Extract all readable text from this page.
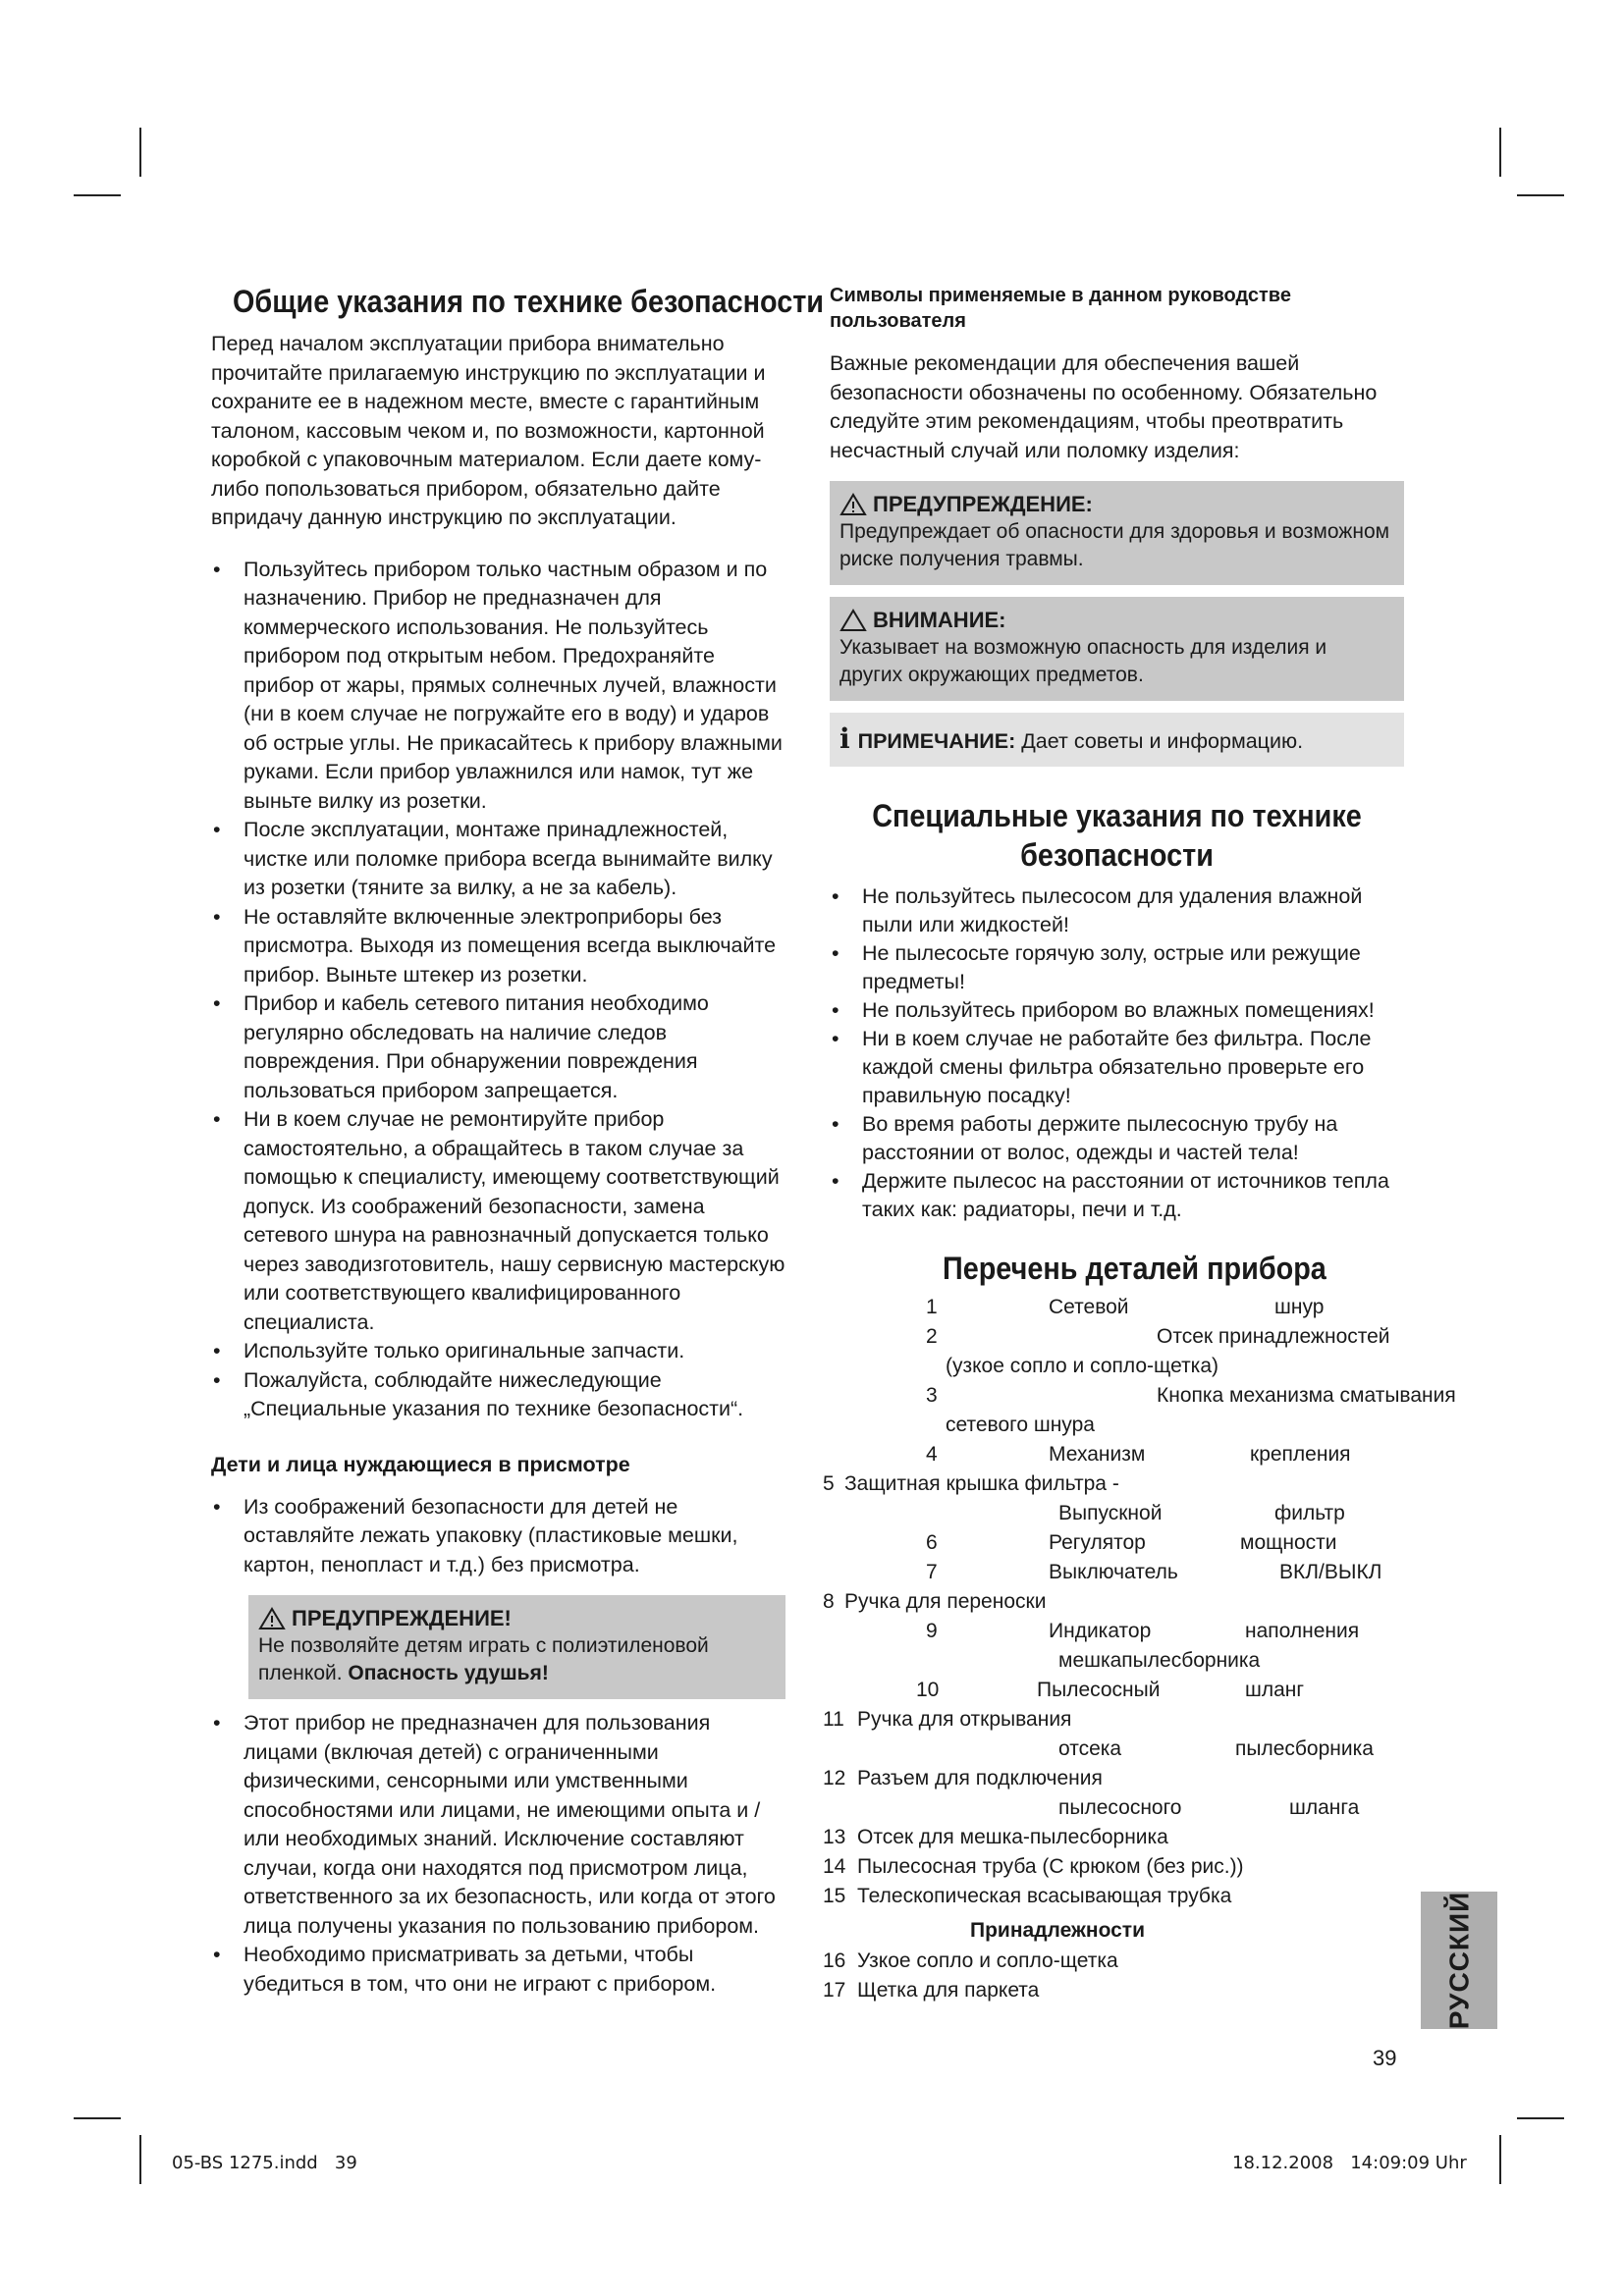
Общие указания по технике безопасности

Перед началом эксплуатации прибора внимательно прочитайте прилагаемую инструкцию по эксплуатации и сохраните ее в надежном месте, вместе с гарантийным талоном, кассовым чеком и, по возможности, картонной коробкой с упаковочным материалом. Если даете кому-либо попользоваться прибором, обязательно дайте впридачу данную инструкцию по эксплуатации.

• Пользуйтесь прибором только частным образом и по назначению. Прибор не предназначен для коммерческого использования. Не пользуйтесь прибором под открытым небом. Предохраняйте прибор от жары, прямых солнечных лучей, влажности (ни в коем случае не погружайте его в воду) и ударов об острые углы. Не прикасайтесь к прибору влажными руками. Если прибор увлажнился или намок, тут же выньте вилку из розетки.
• После эксплуатации, монтаже принадлежностей, чистке или поломке прибора всегда вынимайте вилку из розетки (тяните за вилку, а не за кабель).
• Не оставляйте включенные электроприборы без присмотра. Выходя из помещения всегда выключайте прибор. Выньте штекер из розетки.
• Прибор и кабель сетевого питания необходимо регулярно обследовать на наличие следов повреждения. При обнаружении повреждения пользоваться прибором запрещается.
• Ни в коем случае не ремонтируйте прибор самостоятельно, а обращайтесь в таком случае за помощью к специалисту, имеющему соответствующий допуск. Из соображений безопасности, замена сетевого шнура на равнозначный допускается только через заводизготовитель, нашу сервисную мастерскую или соответствующего квалифицированного специалиста.
• Используйте только оригинальные запчасти.
• Пожалуйста, соблюдайте нижеследующие „Специальные указания по технике безопасности“.
Дети и лица нуждающиеся в присмотре
• Из соображений безопасности для детей не оставляйте лежать упаковку (пластиковые мешки, картон, пенопласт и т.д.) без присмотра.
ПРЕДУПРЕЖДЕНИЕ!
Не позволяйте детям играть с полиэтиленовой пленкой. Опасность удушья!
• Этот прибор не предназначен для пользования лицами (включая детей) с ограниченными физическими, сенсорными или умственными способностями или лицами, не имеющими опыта и /или необходимых знаний. Исключение составляют случаи, когда они находятся под присмотром лица, ответственного за их безопасность, или когда от этого лица получены указания по пользованию прибором.
• Необходимо присматривать за детьми, чтобы убедиться в том, что они не играют с прибором.
Символы применяемые в данном руководстве пользователя

Важные рекомендации для обеспечения вашей безопасности обозначены по особенному. Обязательно следуйте этим рекомендациям, чтобы преотвратить несчастный случай или поломку изделия:

ПРЕДУПРЕЖДЕНИЕ:
Предупреждает об опасности для здоровья и возможном риске получения травмы.
ВНИМАНИЕ:
Указывает на возможную опасность для изделия и других окружающих предметов.
i ПРИМЕЧАНИЕ:
Дает советы и информацию.
Специальные указания по технике безопасности
• Не пользуйтесь пылесосом для удаления влажной пыли или жидкостей!
• Не пылесосьте горячую золу, острые или режущие предметы!
• Не пользуйтесь прибором во влажных помещениях!
• Ни в коем случае не работайте без фильтра. После каждой смены фильтра обязательно проверьте его правильную посадку!
• Во время работы держите пылесосную трубу на расстоянии от волос, одежды и частей тела!
• Держите пылесос на расстоянии от источников тепла таких как: радиаторы, печи и т.д.
Перечень деталей прибора
1	Сетевой	шнур
2	Отсек принадлежностей
(узкое сопло и сопло-щетка)
3	Кнопка механизма сматывания
сетевого шнура
4	Механизм	крепления
5 Защитная крышка фильтра -
Выпускной	фильтр
6	Регулятор	мощности
7	Выключатель	ВКЛ/ВЫКЛ
8 Ручка для переноски
9	Индикатор	наполнения
мешкапылесборника
10	Пылесосный	шланг
11 Ручка для открывания
отсека	пылесборника
12 Разъем для подключения
пылесосного	шланга
13 Отсек для мешка-пылесборника
14 Пылесосная труба (С крюком (без рис.))
15 Телескопическая всасывающая трубка
Принадлежности
16 Узкое сопло и сопло-щетка
17 Щетка для паркета	РУССКИЙ
39
05-BS 1275.indd   39	18.12.2008   14:09:09 Uhr
